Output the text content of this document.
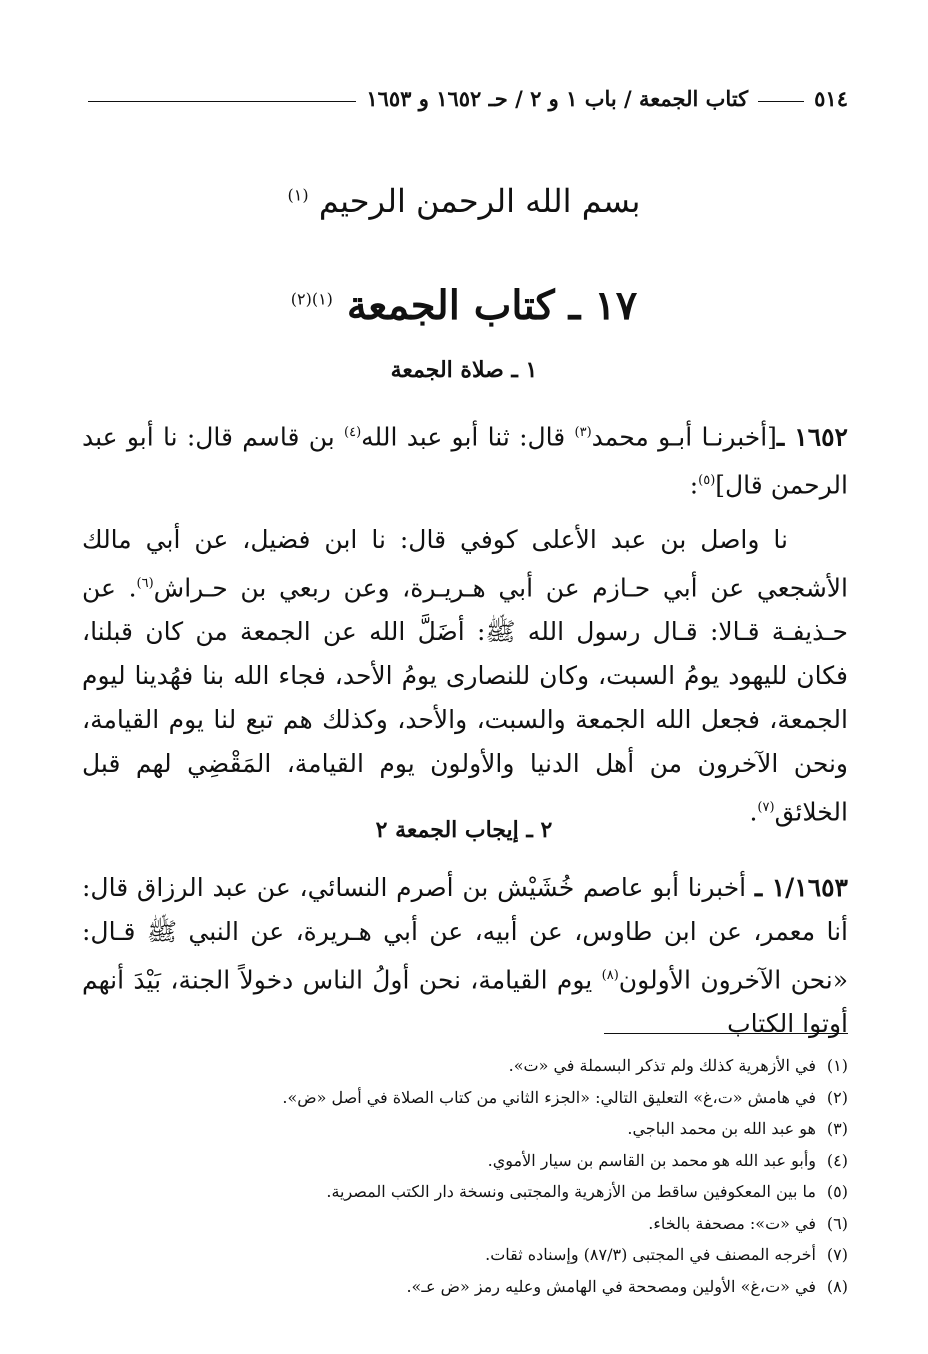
٥١٤
كتاب الجمعة / باب ١ و ٢ / حـ ١٦٥٢ و ١٦٥٣
بسم الله الرحمن الرحيم $^{(١)}$
١٧ ـ كتاب الجمعة $^{(١)(٢)}$
١ ـ صلاة الجمعة

١٦٥٢ ـ[أخبرنـا أبـو محمد$^{(٣)}$ قال: ثنا أبو عبد الله$^{(٤)}$ بن قاسم قال: نا أبو عبد الرحمن قال]$^{(٥)}$:

نا واصل بن عبد الأعلى كوفي قال: نا ابن فضيل، عن أبي مالك الأشجعي عن أبي حـازم عن أبي هـريـرة، وعن ربعي بن حـراش$^{(٦)}$. عن حـذيفـة قـالا: قـال رسول الله ﷺ: أضَلَّ الله عن الجمعة من كان قبلنا، فكان لليهود يومُ السبت، وكان للنصارى يومُ الأحد، فجاء الله بنا فهُدينا ليوم الجمعة، فجعل الله الجمعة والسبت، والأحد، وكذلك هم تبع لنا يوم القيامة، ونحن الآخرون من أهل الدنيا والأولون يوم القيامة، المَقْضِي لهم قبل الخلائق$^{(٧)}$.

٢ ـ إيجاب الجمعة ٢

١/١٦٥٣ ـ أخبرنا أبو عاصم خُشَيْش بن أصرم النسائي، عن عبد الرزاق قال: أنا معمر، عن ابن طاوس، عن أبيه، عن أبي هـريرة، عن النبي ﷺ قـال: «نحن الآخرون الأولون$^{(٨)}$ يوم القيامة، نحن أولُ الناس دخولاً الجنة، بَيْدَ أنهم أوتوا الكتاب

(١)في الأزهرية كذلك ولم تذكر البسملة في «ت».
(٢)في هامش «ت،غ» التعليق التالي: «الجزء الثاني من كتاب الصلاة في أصل «ض».
(٣)هو عبد الله بن محمد الباجي.
(٤)وأبو عبد الله هو محمد بن القاسم بن سيار الأموي.
(٥)ما بين المعكوفين ساقط من الأزهرية والمجتبى ونسخة دار الكتب المصرية.
(٦)في «ت»: مصحفة بالخاء.
(٧)أخرجه المصنف في المجتبى (٨٧/٣) وإسناده ثقات.
(٨)في «ت،غ» الأولين ومصححة في الهامش وعليه رمز «ض عـ».
